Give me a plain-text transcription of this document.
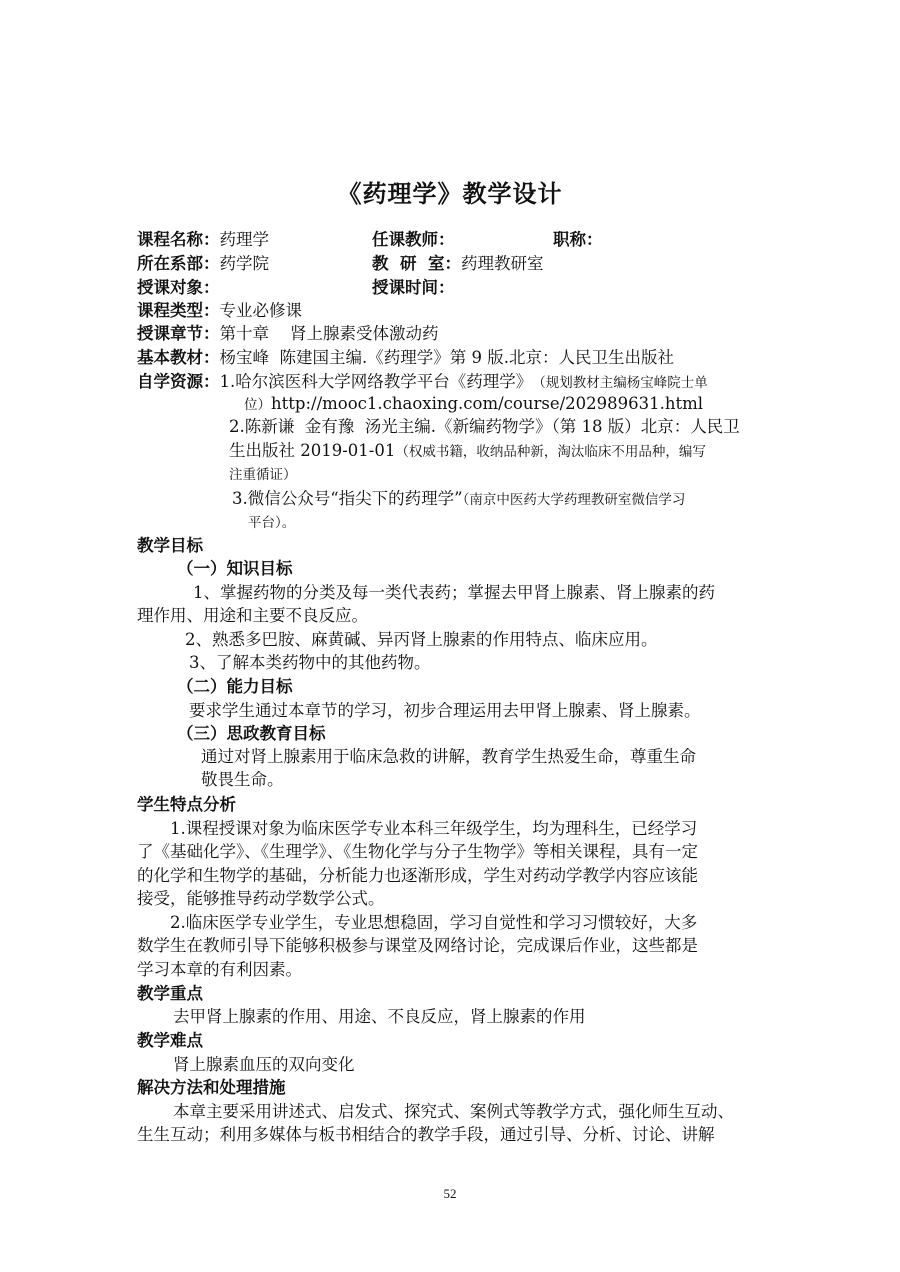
《药理学》教学设计
课程名称：药理学	任课教师：	职称：
所在系部：药学院	教  研  室：药理教研室
授课对象：	授课时间：
课程类型：专业必修课
授课章节：第十章    肾上腺素受体激动药
基本教材：杨宝峰  陈建国主编.《药理学》第 9 版.北京：人民卫生出版社
自学资源：1.哈尔滨医科大学网络教学平台《药理学》（规划教材主编杨宝峰院士单
位）http://mooc1.chaoxing.com/course/202989631.html
2.陈新谦  金有豫  汤光主编.《新编药物学》（第 18 版）北京：人民卫
生出版社 2019-01-01（权威书籍，收纳品种新，淘汰临床不用品种，编写
注重循证）
3.微信公众号“指尖下的药理学”（南京中医药大学药理教研室微信学习
平台）。
教学目标
（一）知识目标
1、掌握药物的分类及每一类代表药；掌握去甲肾上腺素、肾上腺素的药
理作用、用途和主要不良反应。
2、熟悉多巴胺、麻黄碱、异丙肾上腺素的作用特点、临床应用。
3、了解本类药物中的其他药物。
（二）能力目标
要求学生通过本章节的学习，初步合理运用去甲肾上腺素、肾上腺素。
（三）思政教育目标
通过对肾上腺素用于临床急救的讲解，教育学生热爱生命，尊重生命
敬畏生命。
学生特点分析
1.课程授课对象为临床医学专业本科三年级学生，均为理科生，已经学习
了《基础化学》、《生理学》、《生物化学与分子生物学》等相关课程，具有一定
的化学和生物学的基础，分析能力也逐渐形成，学生对药动学教学内容应该能
接受，能够推导药动学数学公式。
2.临床医学专业学生，专业思想稳固，学习自觉性和学习习惯较好，大多
数学生在教师引导下能够积极参与课堂及网络讨论，完成课后作业，这些都是
学习本章的有利因素。
教学重点
去甲肾上腺素的作用、用途、不良反应，肾上腺素的作用
教学难点
肾上腺素血压的双向变化
解决方法和处理措施
本章主要采用讲述式、启发式、探究式、案例式等教学方式，强化师生互动、
生生互动；利用多媒体与板书相结合的教学手段，通过引导、分析、讨论、讲解
52
